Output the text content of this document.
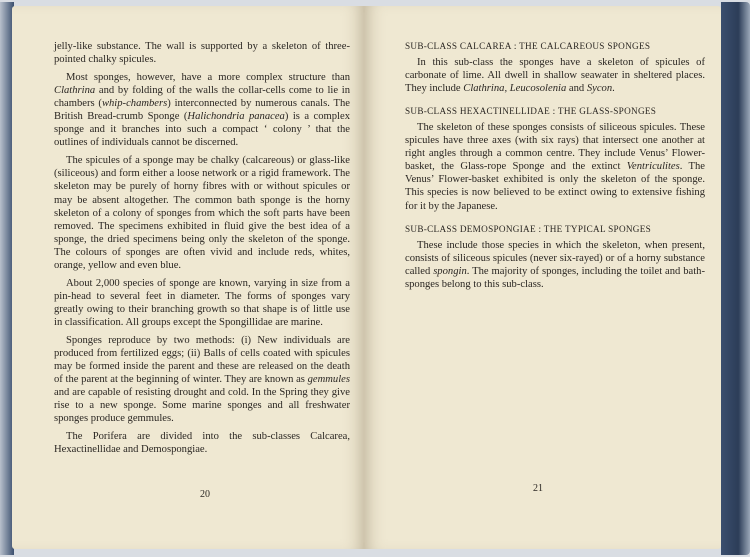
jelly-like substance. The wall is supported by a skeleton of three-pointed chalky spicules.

Most sponges, however, have a more complex structure than Clathrina and by folding of the walls the collar-cells come to lie in chambers (whip-chambers) interconnected by numerous canals. The British Bread-crumb Sponge (Halichondria panacea) is a complex sponge and it branches into such a compact ‘ colony ’ that the outlines of individuals cannot be discerned.

The spicules of a sponge may be chalky (calcareous) or glass-like (siliceous) and form either a loose network or a rigid framework. The skeleton may be purely of horny fibres with or without spicules or may be absent altogether. The common bath sponge is the horny skeleton of a colony of sponges from which the soft parts have been removed. The specimens exhibited in fluid give the best idea of a sponge, the dried specimens being only the skeleton of the sponge. The colours of sponges are often vivid and include reds, whites, orange, yellow and even blue.

About 2,000 species of sponge are known, varying in size from a pin-head to several feet in diameter. The forms of sponges vary greatly owing to their branching growth so that shape is of little use in classification. All groups except the Spongillidae are marine.

Sponges reproduce by two methods: (i) New individuals are produced from fertilized eggs; (ii) Balls of cells coated with spicules may be formed inside the parent and these are released on the death of the parent at the beginning of winter. They are known as gemmules and are capable of resisting drought and cold. In the Spring they give rise to a new sponge. Some marine sponges and all freshwater sponges produce gemmules.

The Porifera are divided into the sub-classes Calcarea, Hexactinellidae and Demospongiae.

20
SUB-CLASS CALCAREA : THE CALCAREOUS SPONGES

In this sub-class the sponges have a skeleton of spicules of carbonate of lime. All dwell in shallow seawater in sheltered places. They include Clathrina, Leucosolenia and Sycon.

SUB-CLASS HEXACTINELLIDAE : THE GLASS-SPONGES

The skeleton of these sponges consists of siliceous spicules. These spicules have three axes (with six rays) that intersect one another at right angles through a common centre. They include Venus’ Flower-basket, the Glass-rope Sponge and the extinct Ventriculites. The Venus’ Flower-basket exhibited is only the skeleton of the sponge. This species is now believed to be extinct owing to extensive fishing for it by the Japanese.

SUB-CLASS DEMOSPONGIAE : THE TYPICAL SPONGES

These include those species in which the skeleton, when present, consists of siliceous spicules (never six-rayed) or of a horny substance called spongin. The majority of sponges, including the toilet and bath-sponges belong to this sub-class.

21
